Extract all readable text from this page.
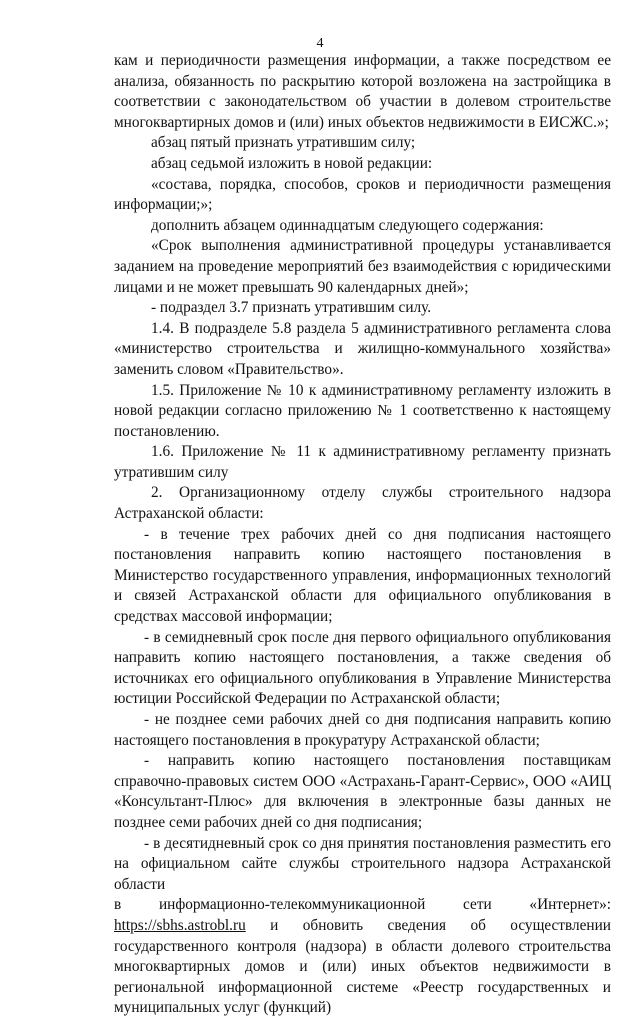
4

кам и периодичности размещения информации, а также посредством ее анализа, обязанность по раскрытию которой возложена на застройщика в соответствии с законодательством об участии в долевом строительстве многоквартирных домов и (или) иных объектов недвижимости в ЕИСЖС.»;

абзац пятый признать утратившим силу;

абзац седьмой изложить в новой редакции:

«состава, порядка, способов, сроков и периодичности размещения информации;»;

дополнить абзацем одиннадцатым следующего содержания:

«Срок выполнения административной процедуры устанавливается заданием на проведение мероприятий без взаимодействия с юридическими лицами и не может превышать 90 календарных дней»;

- подраздел 3.7 признать утратившим силу.

1.4. В подразделе 5.8 раздела 5 административного регламента слова «министерство строительства и жилищно-коммунального хозяйства» заменить словом «Правительство».

1.5. Приложение № 10 к административному регламенту изложить в новой редакции согласно приложению № 1 соответственно к настоящему постановлению.

1.6. Приложение № 11 к административному регламенту признать утратившим силу

2. Организационному отделу службы строительного надзора Астраханской области:

- в течение трех рабочих дней со дня подписания настоящего постановления направить копию настоящего постановления в Министерство государственного управления, информационных технологий и связей Астраханской области для официального опубликования в средствах массовой информации;

- в семидневный срок после дня первого официального опубликования направить копию настоящего постановления, а также сведения об источниках его официального опубликования в Управление Министерства юстиции Российской Федерации по Астраханской области;

- не позднее семи рабочих дней со дня подписания направить копию настоящего постановления в прокуратуру Астраханской области;

- направить копию настоящего постановления поставщикам справочно-правовых систем ООО «Астрахань-Гарант-Сервис», ООО «АИЦ «Консультант-Плюс» для включения в электронные базы данных не позднее семи рабочих дней со дня подписания;

- в десятидневный срок со дня принятия постановления разместить его

на официальном сайте службы строительного надзора Астраханской области

в информационно-телекоммуникационной сети «Интернет»:

https://sbhs.astrobl.ru и обновить сведения об осуществлении государственного контроля (надзора) в области долевого строительства многоквартирных домов и (или) иных объектов недвижимости в региональной информационной системе «Реестр государственных и муниципальных услуг (функций)
